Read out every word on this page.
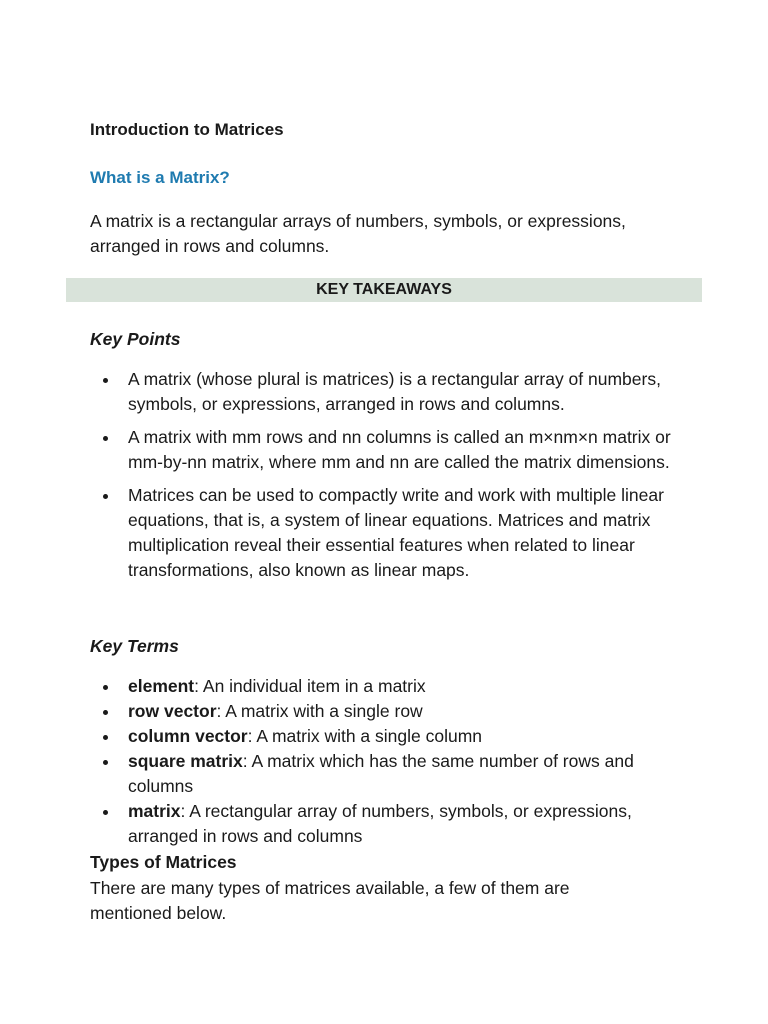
Introduction to Matrices
What is a Matrix?

A matrix is a rectangular arrays of numbers, symbols, or expressions, arranged in rows and columns.

KEY TAKEAWAYS
Key Points
A matrix (whose plural is matrices) is a rectangular array of numbers, symbols, or expressions, arranged in rows and columns.
A matrix with mm rows and nn columns is called an m×nm×n matrix or mm-by-nn matrix, where mm and nn are called the matrix dimensions.
Matrices can be used to compactly write and work with multiple linear equations, that is, a system of linear equations. Matrices and matrix multiplication reveal their essential features when related to linear transformations, also known as linear maps.
Key Terms
element: An individual item in a matrix
row vector: A matrix with a single row
column vector: A matrix with a single column
square matrix: A matrix which has the same number of rows and columns
matrix: A rectangular array of numbers, symbols, or expressions, arranged in rows and columns
Types of Matrices

There are many types of matrices available, a few of them are mentioned below.
